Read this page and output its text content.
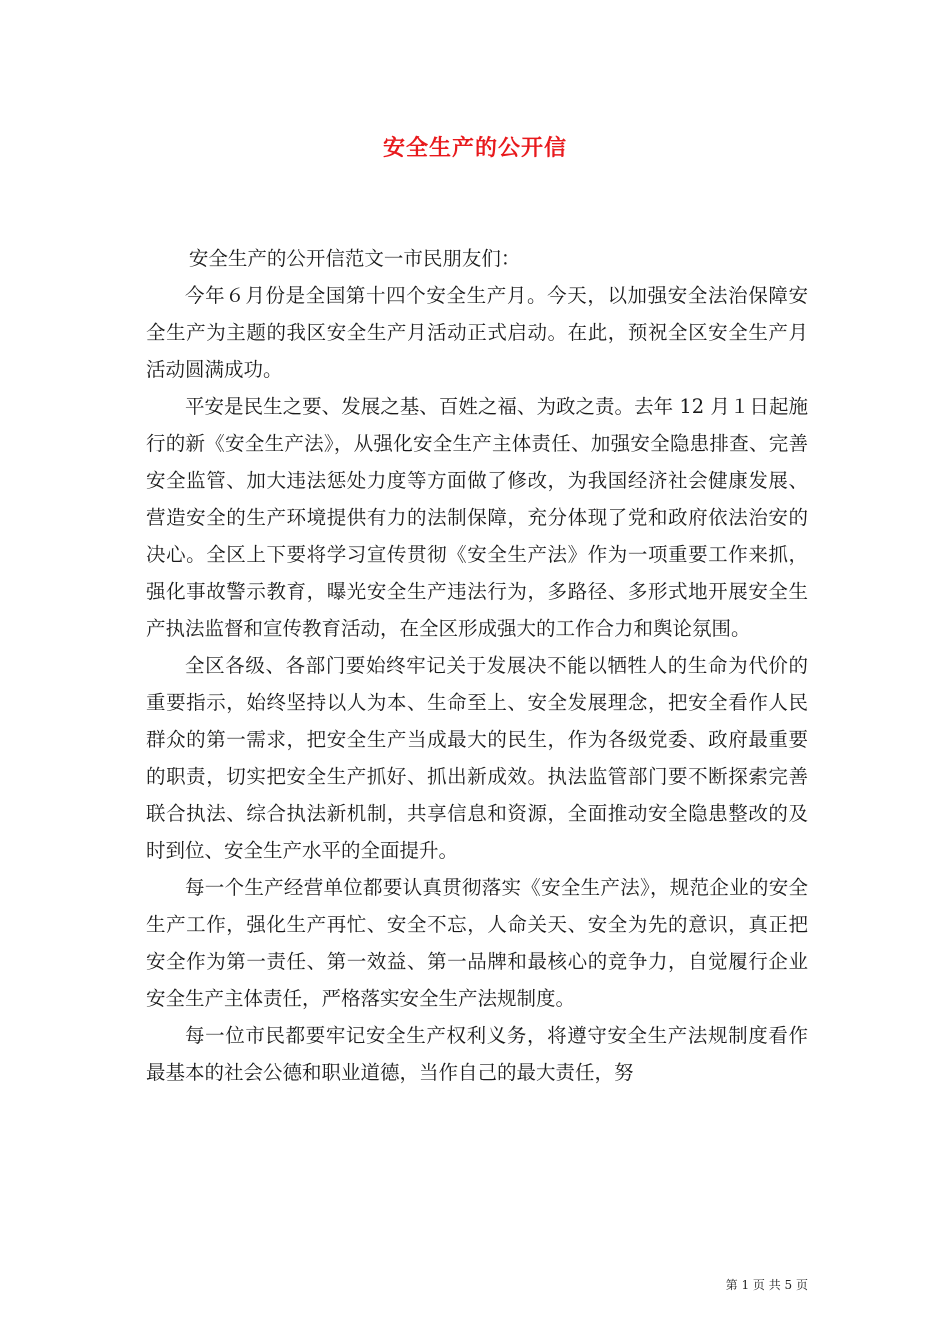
安全生产的公开信

安全生产的公开信范文一市民朋友们：

今年６月份是全国第十四个安全生产月。今天，以加强安全法治保障安全生产为主题的我区安全生产月活动正式启动。在此，预祝全区安全生产月活动圆满成功。

平安是民生之要、发展之基、百姓之福、为政之责。去年 12 月１日起施行的新《安全生产法》，从强化安全生产主体责任、加强安全隐患排查、完善安全监管、加大违法惩处力度等方面做了修改，为我国经济社会健康发展、营造安全的生产环境提供有力的法制保障，充分体现了党和政府依法治安的决心。全区上下要将学习宣传贯彻《安全生产法》作为一项重要工作来抓，强化事故警示教育，曝光安全生产违法行为，多路径、多形式地开展安全生产执法监督和宣传教育活动，在全区形成强大的工作合力和舆论氛围。

全区各级、各部门要始终牢记关于发展决不能以牺牲人的生命为代价的重要指示，始终坚持以人为本、生命至上、安全发展理念，把安全看作人民群众的第一需求，把安全生产当成最大的民生，作为各级党委、政府最重要的职责，切实把安全生产抓好、抓出新成效。执法监管部门要不断探索完善联合执法、综合执法新机制，共享信息和资源，全面推动安全隐患整改的及时到位、安全生产水平的全面提升。

每一个生产经营单位都要认真贯彻落实《安全生产法》，规范企业的安全生产工作，强化生产再忙、安全不忘，人命关天、安全为先的意识，真正把安全作为第一责任、第一效益、第一品牌和最核心的竞争力，自觉履行企业安全生产主体责任，严格落实安全生产法规制度。

每一位市民都要牢记安全生产权利义务，将遵守安全生产法规制度看作最基本的社会公德和职业道德，当作自己的最大责任，努

第 1 页 共 5 页
